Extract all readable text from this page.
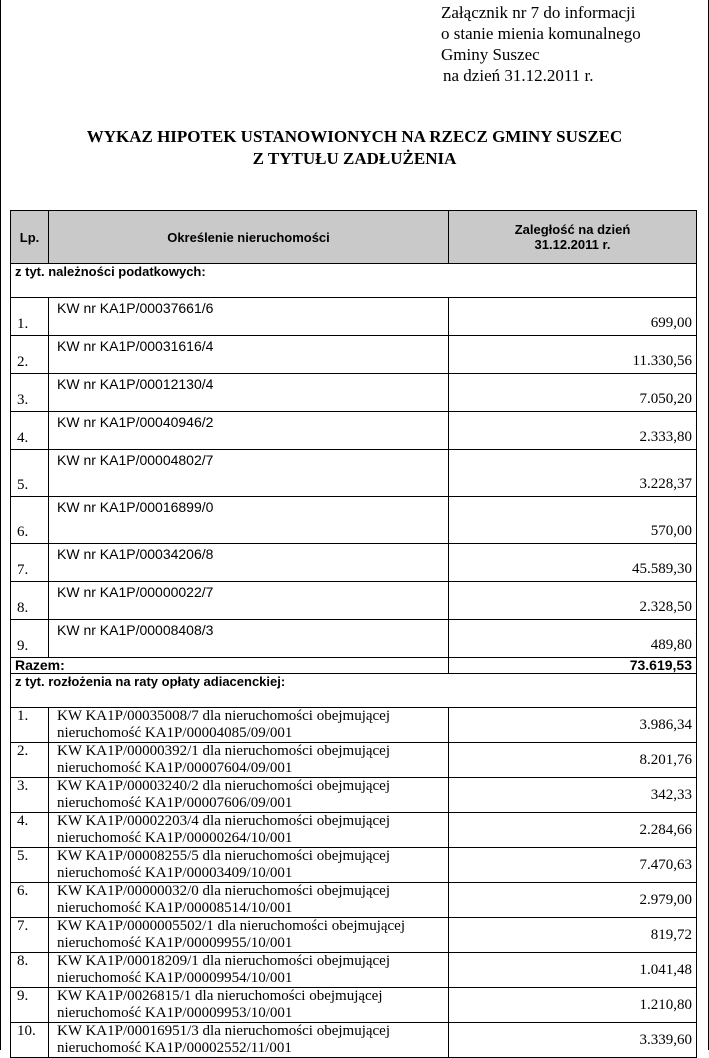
Załącznik nr 7 do informacji
o stanie mienia komunalnego
Gminy Suszec
na dzień 31.12.2011 r.
WYKAZ HIPOTEK USTANOWIONYCH NA RZECZ GMINY SUSZEC
Z TYTUŁU ZADŁUŻENIA
Lp.	Określenie nieruchomości	Zaległość na dzień
31.12.2011 r.

z tyt. należności podatkowych:		
1.	KW nr KA1P/00037661/6	699,00
2.	KW nr KA1P/00031616/4	11.330,56
3.	KW nr KA1P/00012130/4	7.050,20
4.	KW nr KA1P/00040946/2	2.333,80
5.	KW nr KA1P/00004802/7	3.228,37
6.	KW nr KA1P/00016899/0	570,00
7.	KW nr KA1P/00034206/8	45.589,30
8.	KW nr KA1P/00000022/7	2.328,50
9.	KW nr KA1P/00008408/3	489,80
Razem:		73.619,53
z tyt. rozłożenia na raty opłaty adiacenckiej:		
1.	KW KA1P/00035008/7 dla nieruchomości obejmującej
nieruchomość KA1P/00004085/09/001	3.986,34
2.	KW KA1P/00000392/1 dla nieruchomości obejmującej
nieruchomość KA1P/00007604/09/001	8.201,76
3.	KW KA1P/00003240/2 dla nieruchomości obejmującej
nieruchomość KA1P/00007606/09/001	342,33
4.	KW KA1P/00002203/4 dla nieruchomości obejmującej
nieruchomość KA1P/00000264/10/001	2.284,66
5.	KW KA1P/00008255/5 dla nieruchomości obejmującej
nieruchomość KA1P/00003409/10/001	7.470,63
6.	KW KA1P/00000032/0 dla nieruchomości obejmującej
nieruchomość KA1P/00008514/10/001	2.979,00
7.	KW KA1P/0000005502/1 dla nieruchomości obejmującej
nieruchomość KA1P/00009955/10/001	819,72
8.	KW KA1P/00018209/1 dla nieruchomości obejmującej
nieruchomość KA1P/00009954/10/001	1.041,48
9.	KW KA1P/0026815/1 dla nieruchomości obejmującej
nieruchomość KA1P/00009953/10/001	1.210,80
10.	KW KA1P/00016951/3 dla nieruchomości obejmującej
nieruchomość KA1P/00002552/11/001	3.339,60
